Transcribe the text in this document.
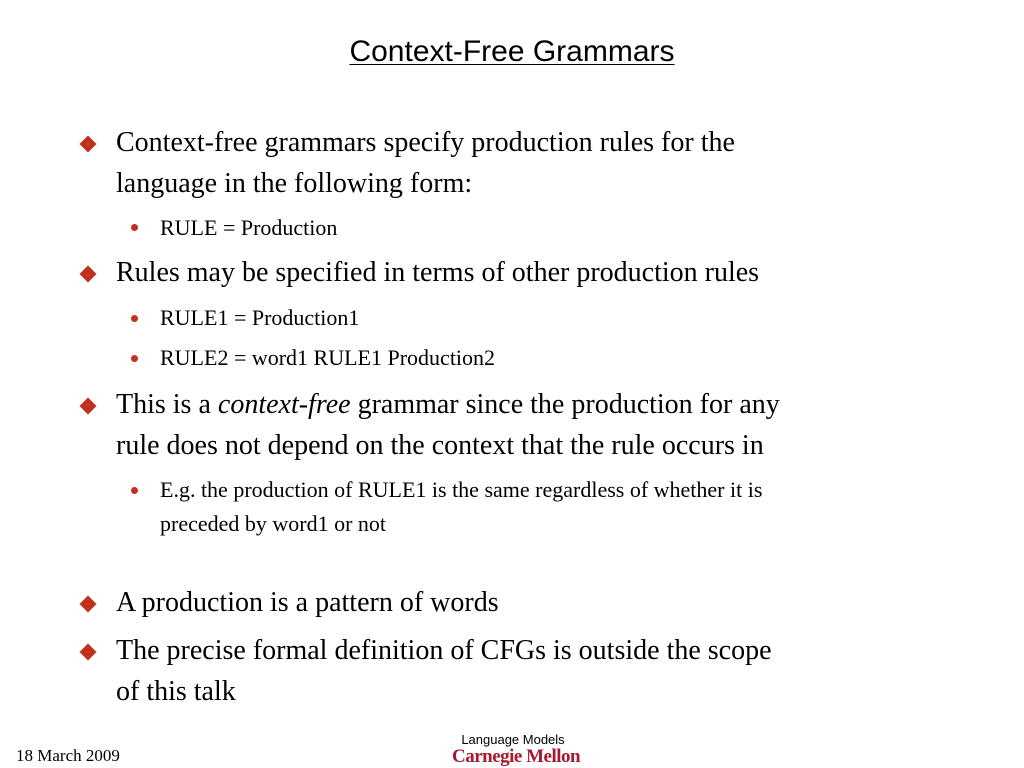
Context-Free Grammars
Context-free grammars specify production rules for the
language in the following form:
RULE = Production
Rules may be specified in terms of other production rules
RULE1 = Production1
RULE2 = word1 RULE1 Production2
This is a context-free grammar since the production for any
rule does not depend on the context that the rule occurs in
E.g. the production of RULE1 is the same regardless of whether it is
preceded by word1 or not
A production is a pattern of words
The precise formal definition of CFGs is outside the scope
of this talk
18 March 2009
Language Models
Carnegie Mellon
